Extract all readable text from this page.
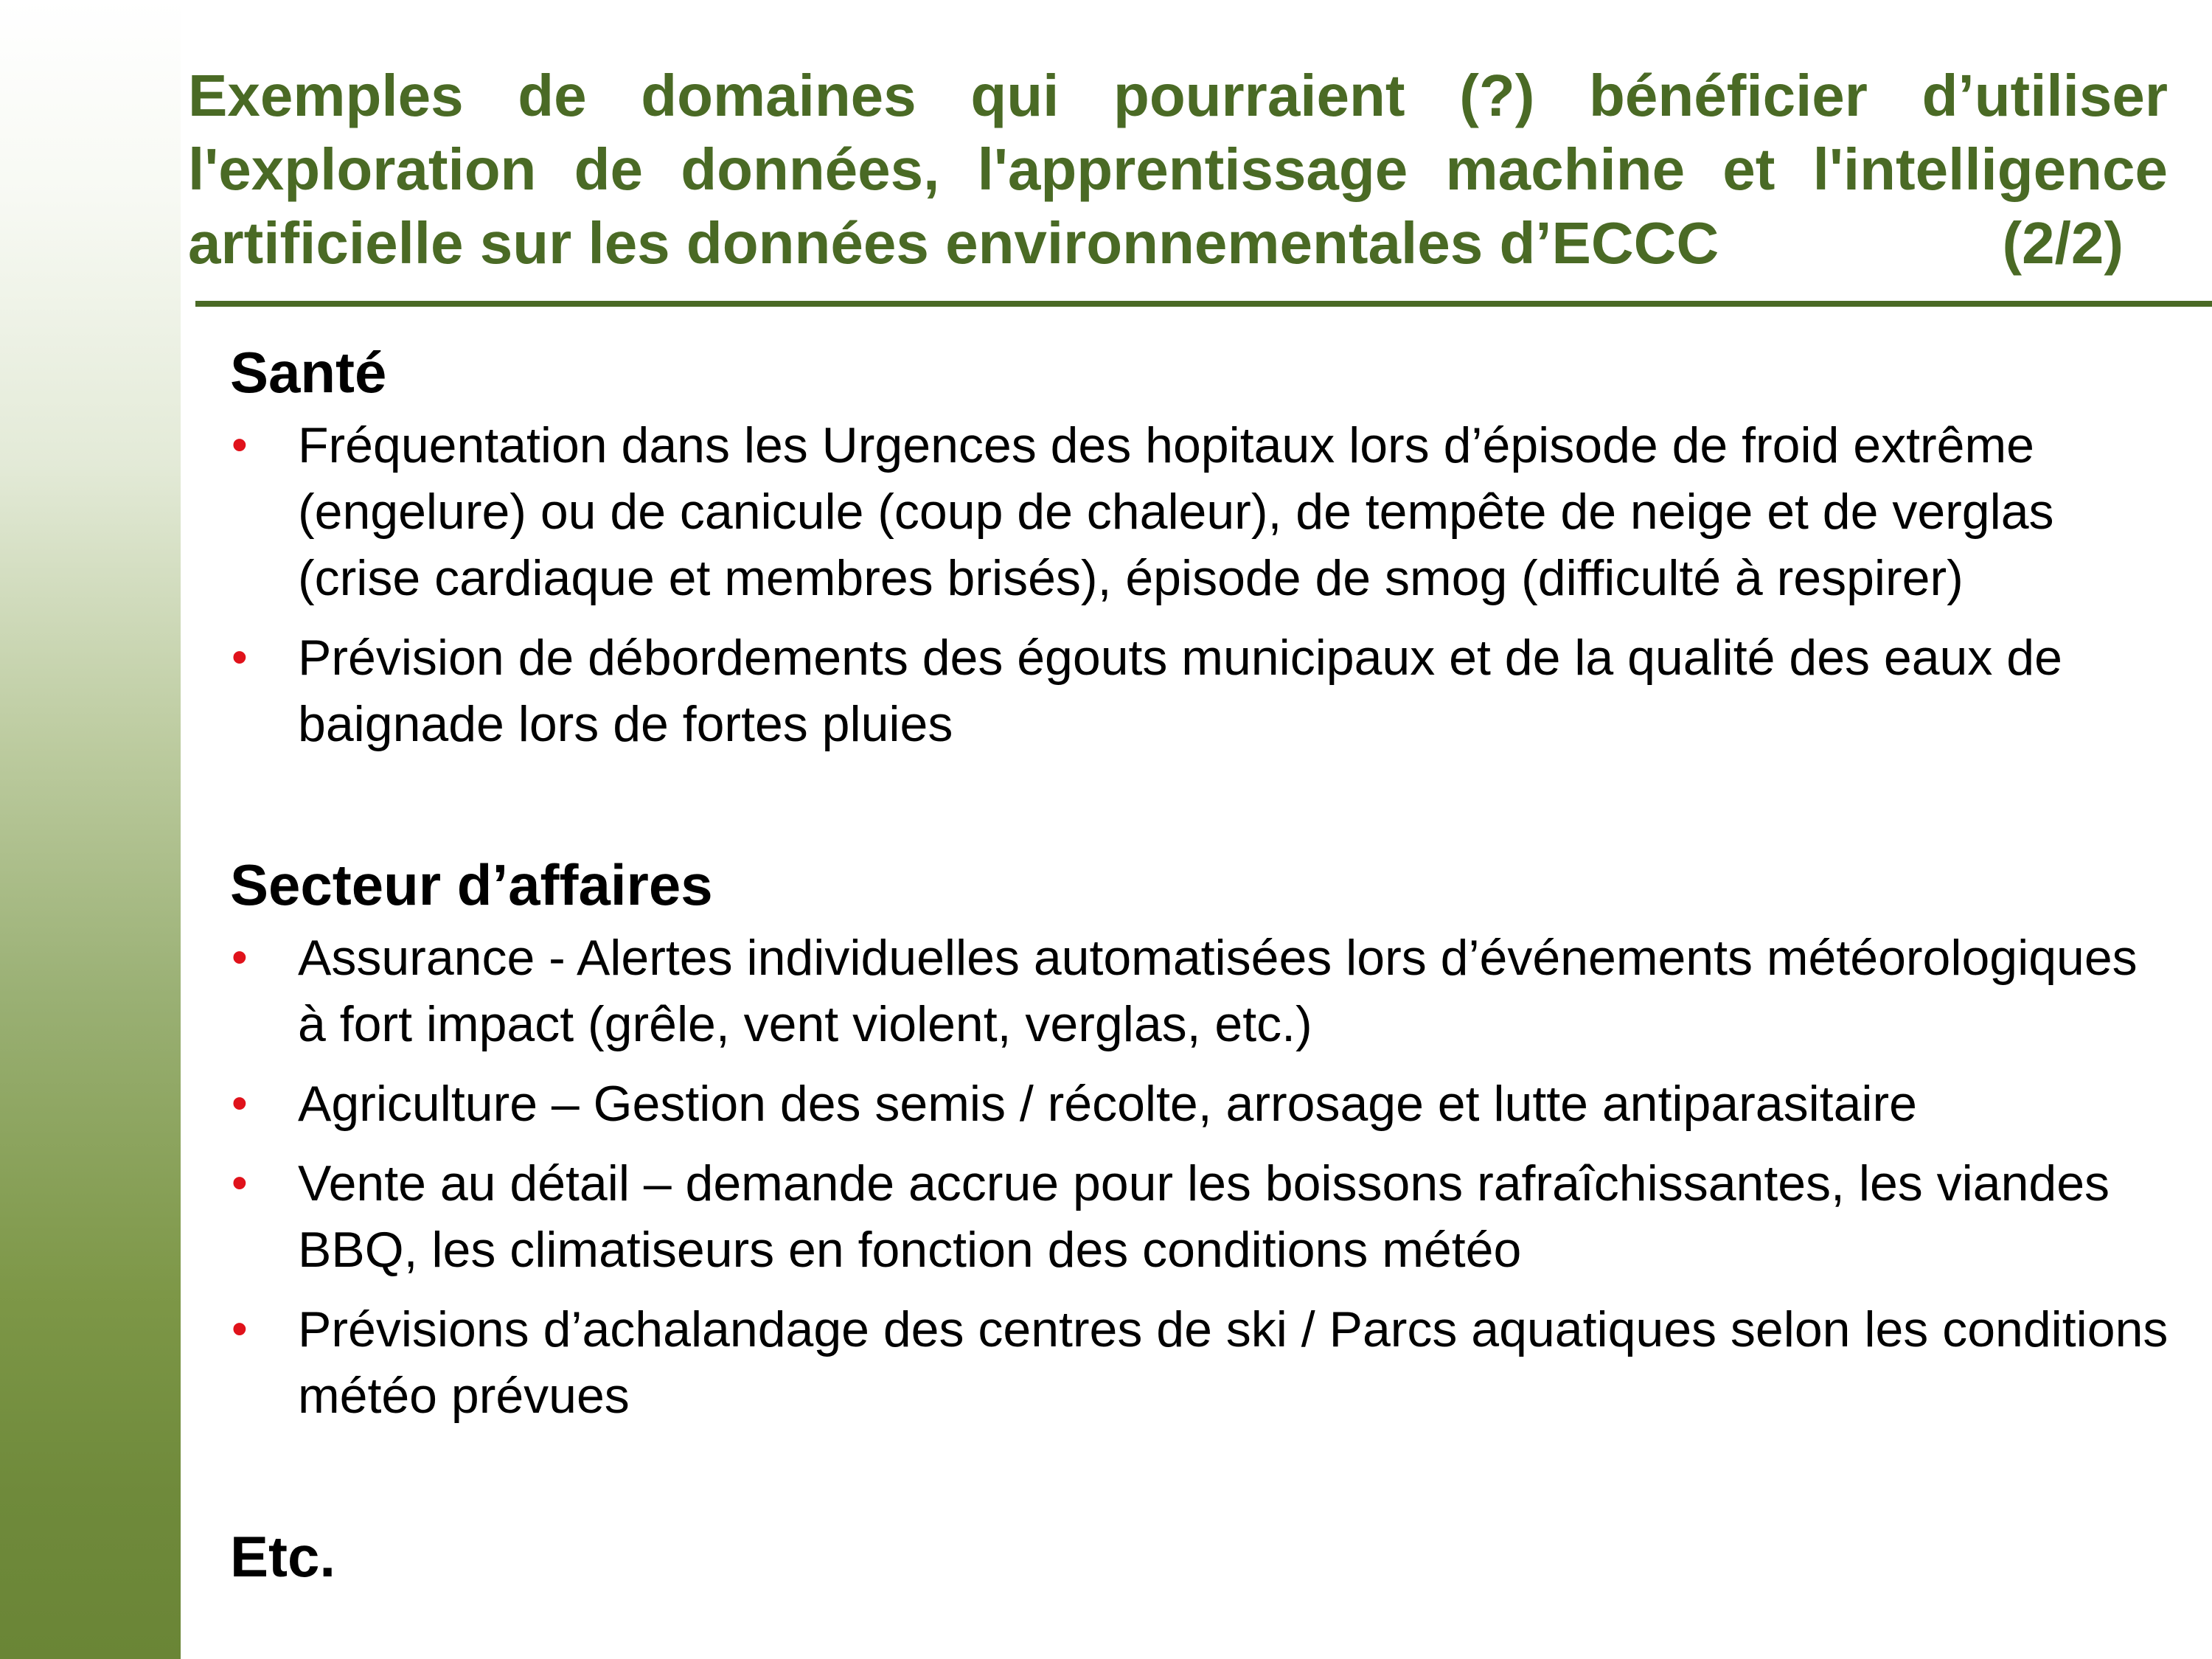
Exemples de domaines qui pourraient (?) bénéficier d’utiliser
l'exploration de données, l'apprentissage machine et l'intelligence
artificielle sur les données environnementales d’ECCC	(2/2)
Santé
• Fréquentation dans les Urgences des hopitaux lors d’épisode de froid extrême (engelure) ou de canicule (coup de chaleur), de tempête de neige et de verglas (crise cardiaque et membres brisés), épisode de smog (difficulté à respirer)
• Prévision de débordements des égouts municipaux et de la qualité des eaux de baignade lors de fortes pluies
Secteur d’affaires
• Assurance - Alertes individuelles automatisées lors d’événements météorologiques à fort impact (grêle, vent violent, verglas, etc.)
• Agriculture – Gestion des semis / récolte, arrosage et lutte antiparasitaire
• Vente au détail – demande accrue pour les boissons rafraîchissantes, les viandes BBQ, les climatiseurs en fonction des conditions météo
• Prévisions d’achalandage des centres de ski / Parcs aquatiques selon les conditions météo prévues
Etc.
